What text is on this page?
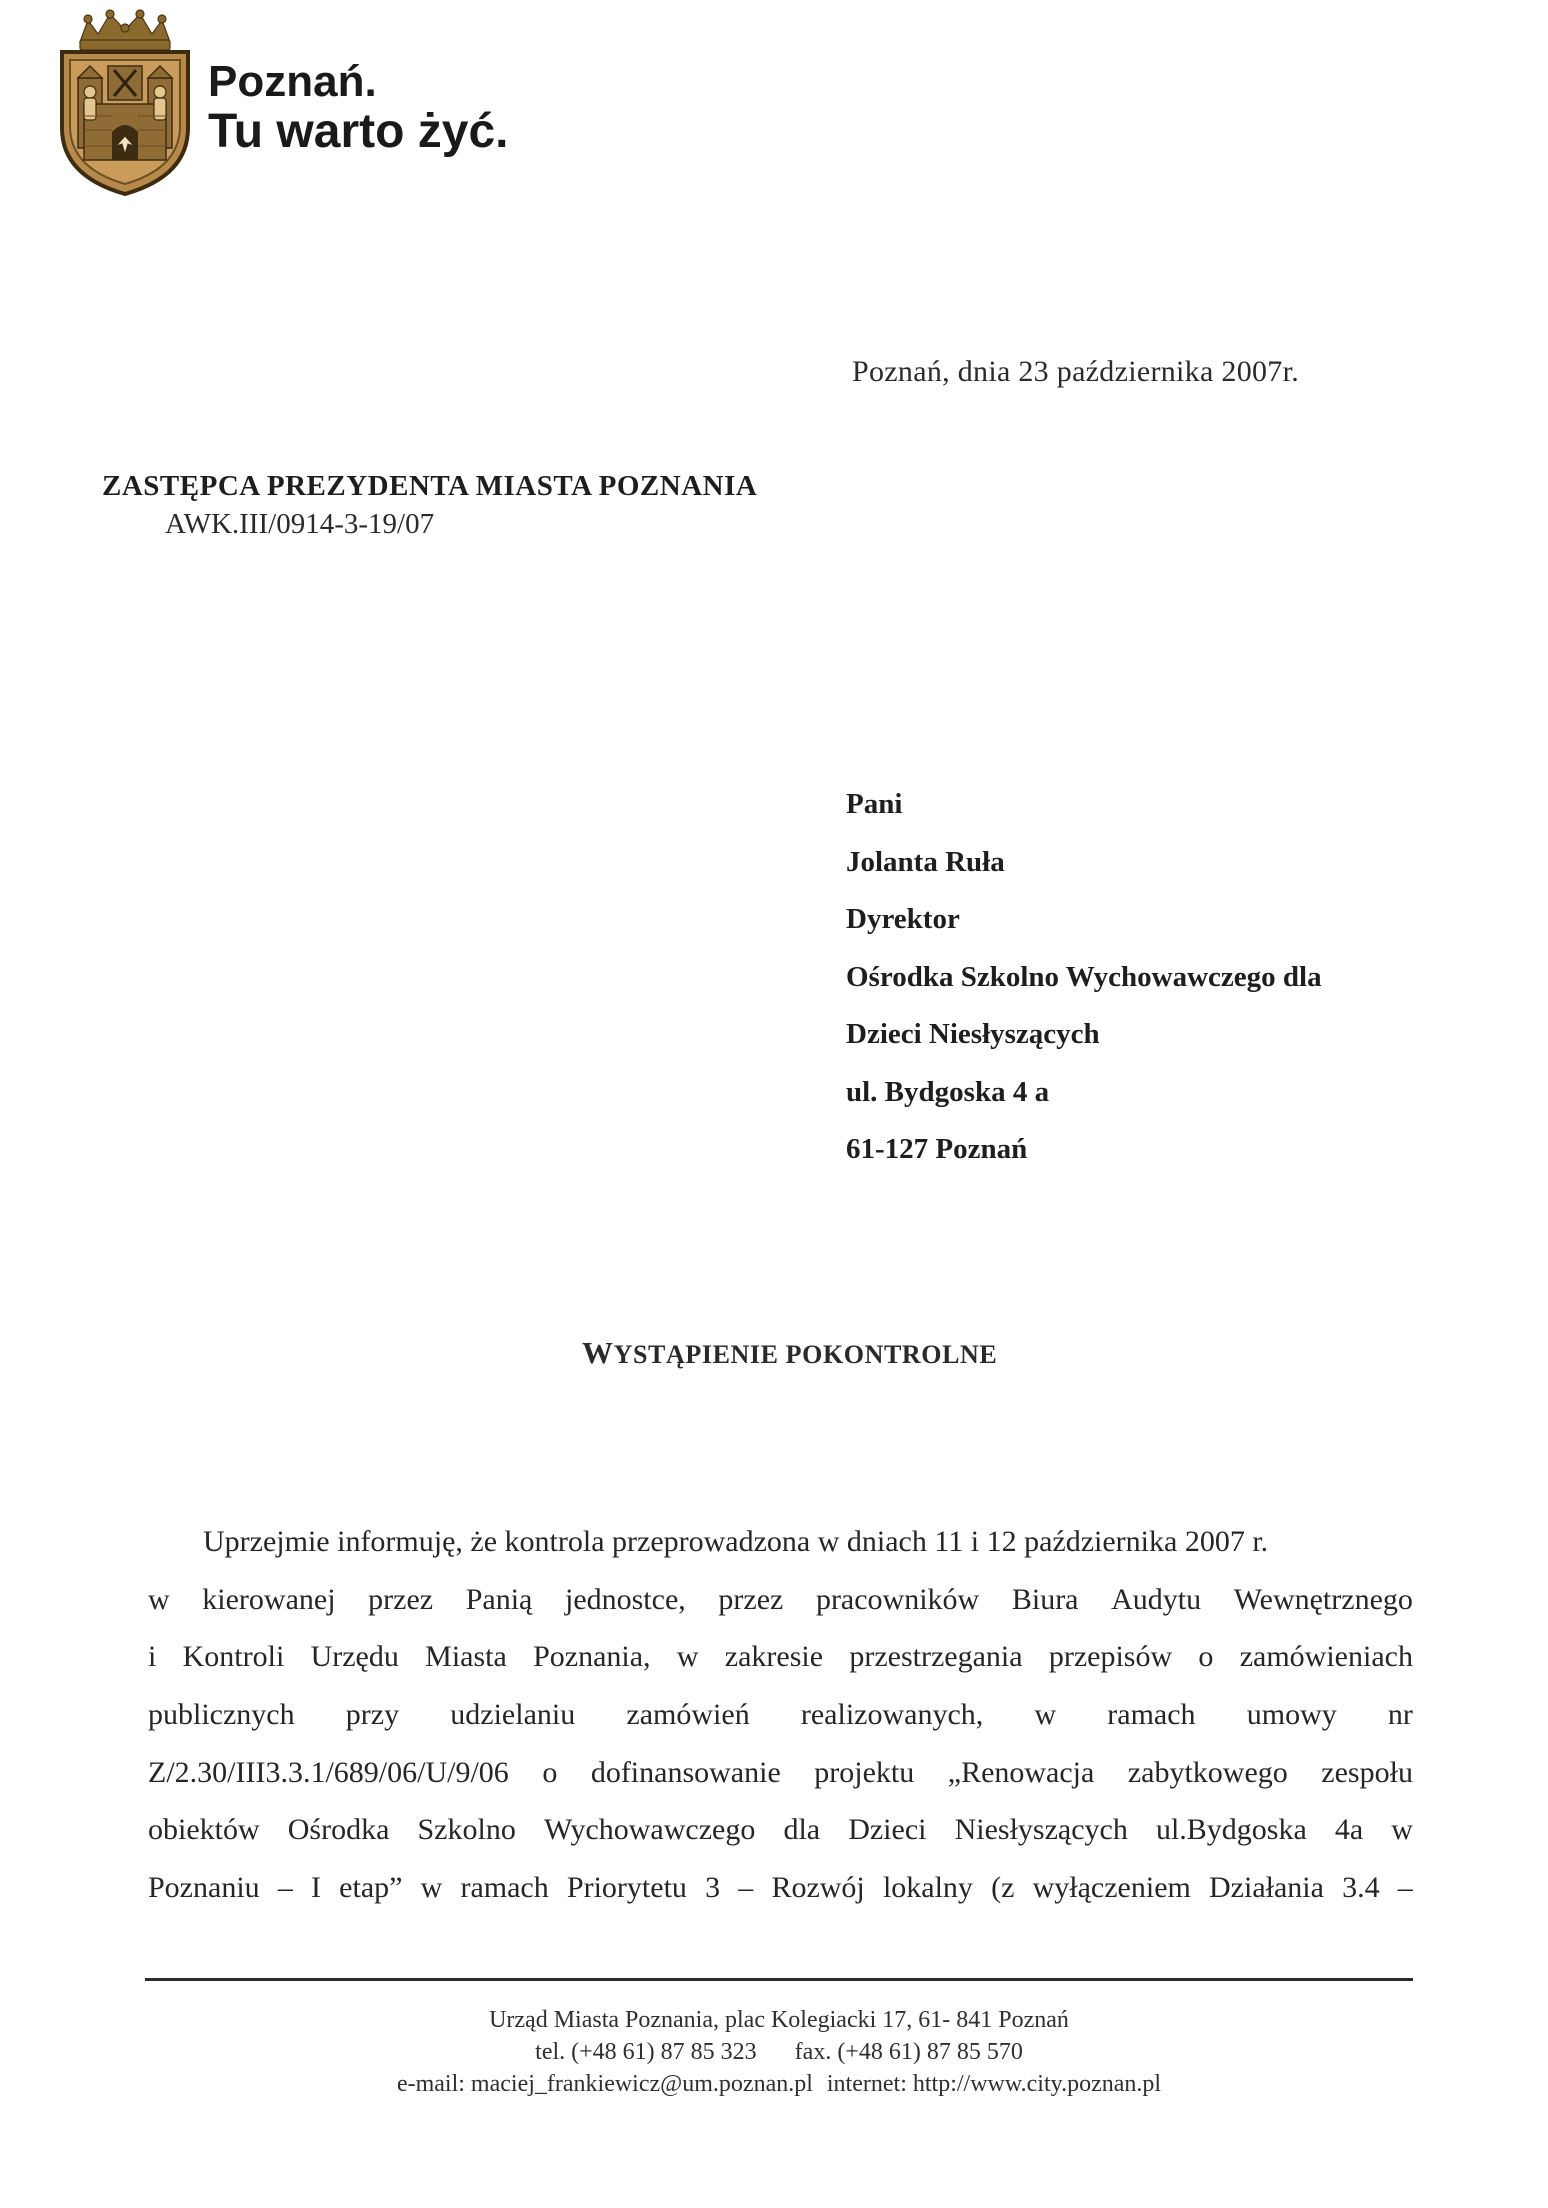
Poznań.
Tu warto żyć.
Poznań, dnia 23 października 2007r.
ZASTĘPCA PREZYDENTA MIASTA POZNANIA
AWK.III/0914-3-19/07
Pani
Jolanta Ruła
Dyrektor
Ośrodka Szkolno Wychowawczego dla
Dzieci Niesłyszących
ul. Bydgoska 4 a
61-127 Poznań
WYSTĄPIENIE POKONTROLNE
Uprzejmie informuję, że kontrola przeprowadzona w dniach 11 i 12 października 2007 r.
w kierowanej przez Panią jednostce, przez pracowników Biura Audytu Wewnętrznego
i Kontroli Urzędu Miasta Poznania, w zakresie przestrzegania przepisów o zamówieniach
publicznych przy udzielaniu zamówień realizowanych, w ramach umowy nr
Z/2.30/III3.3.1/689/06/U/9/06 o dofinansowanie projektu „Renowacja zabytkowego zespołu
obiektów Ośrodka Szkolno Wychowawczego dla Dzieci Niesłyszących ul.Bydgoska 4a w
Poznaniu – I etap” w ramach Priorytetu 3 – Rozwój lokalny (z wyłączeniem Działania 3.4 –
Urząd Miasta Poznania, plac Kolegiacki 17, 61- 841 Poznań
tel. (+48 61) 87 85 323 fax. (+48 61) 87 85 570
e-mail: maciej_frankiewicz@um.poznan.pl internet: http://www.city.poznan.pl
